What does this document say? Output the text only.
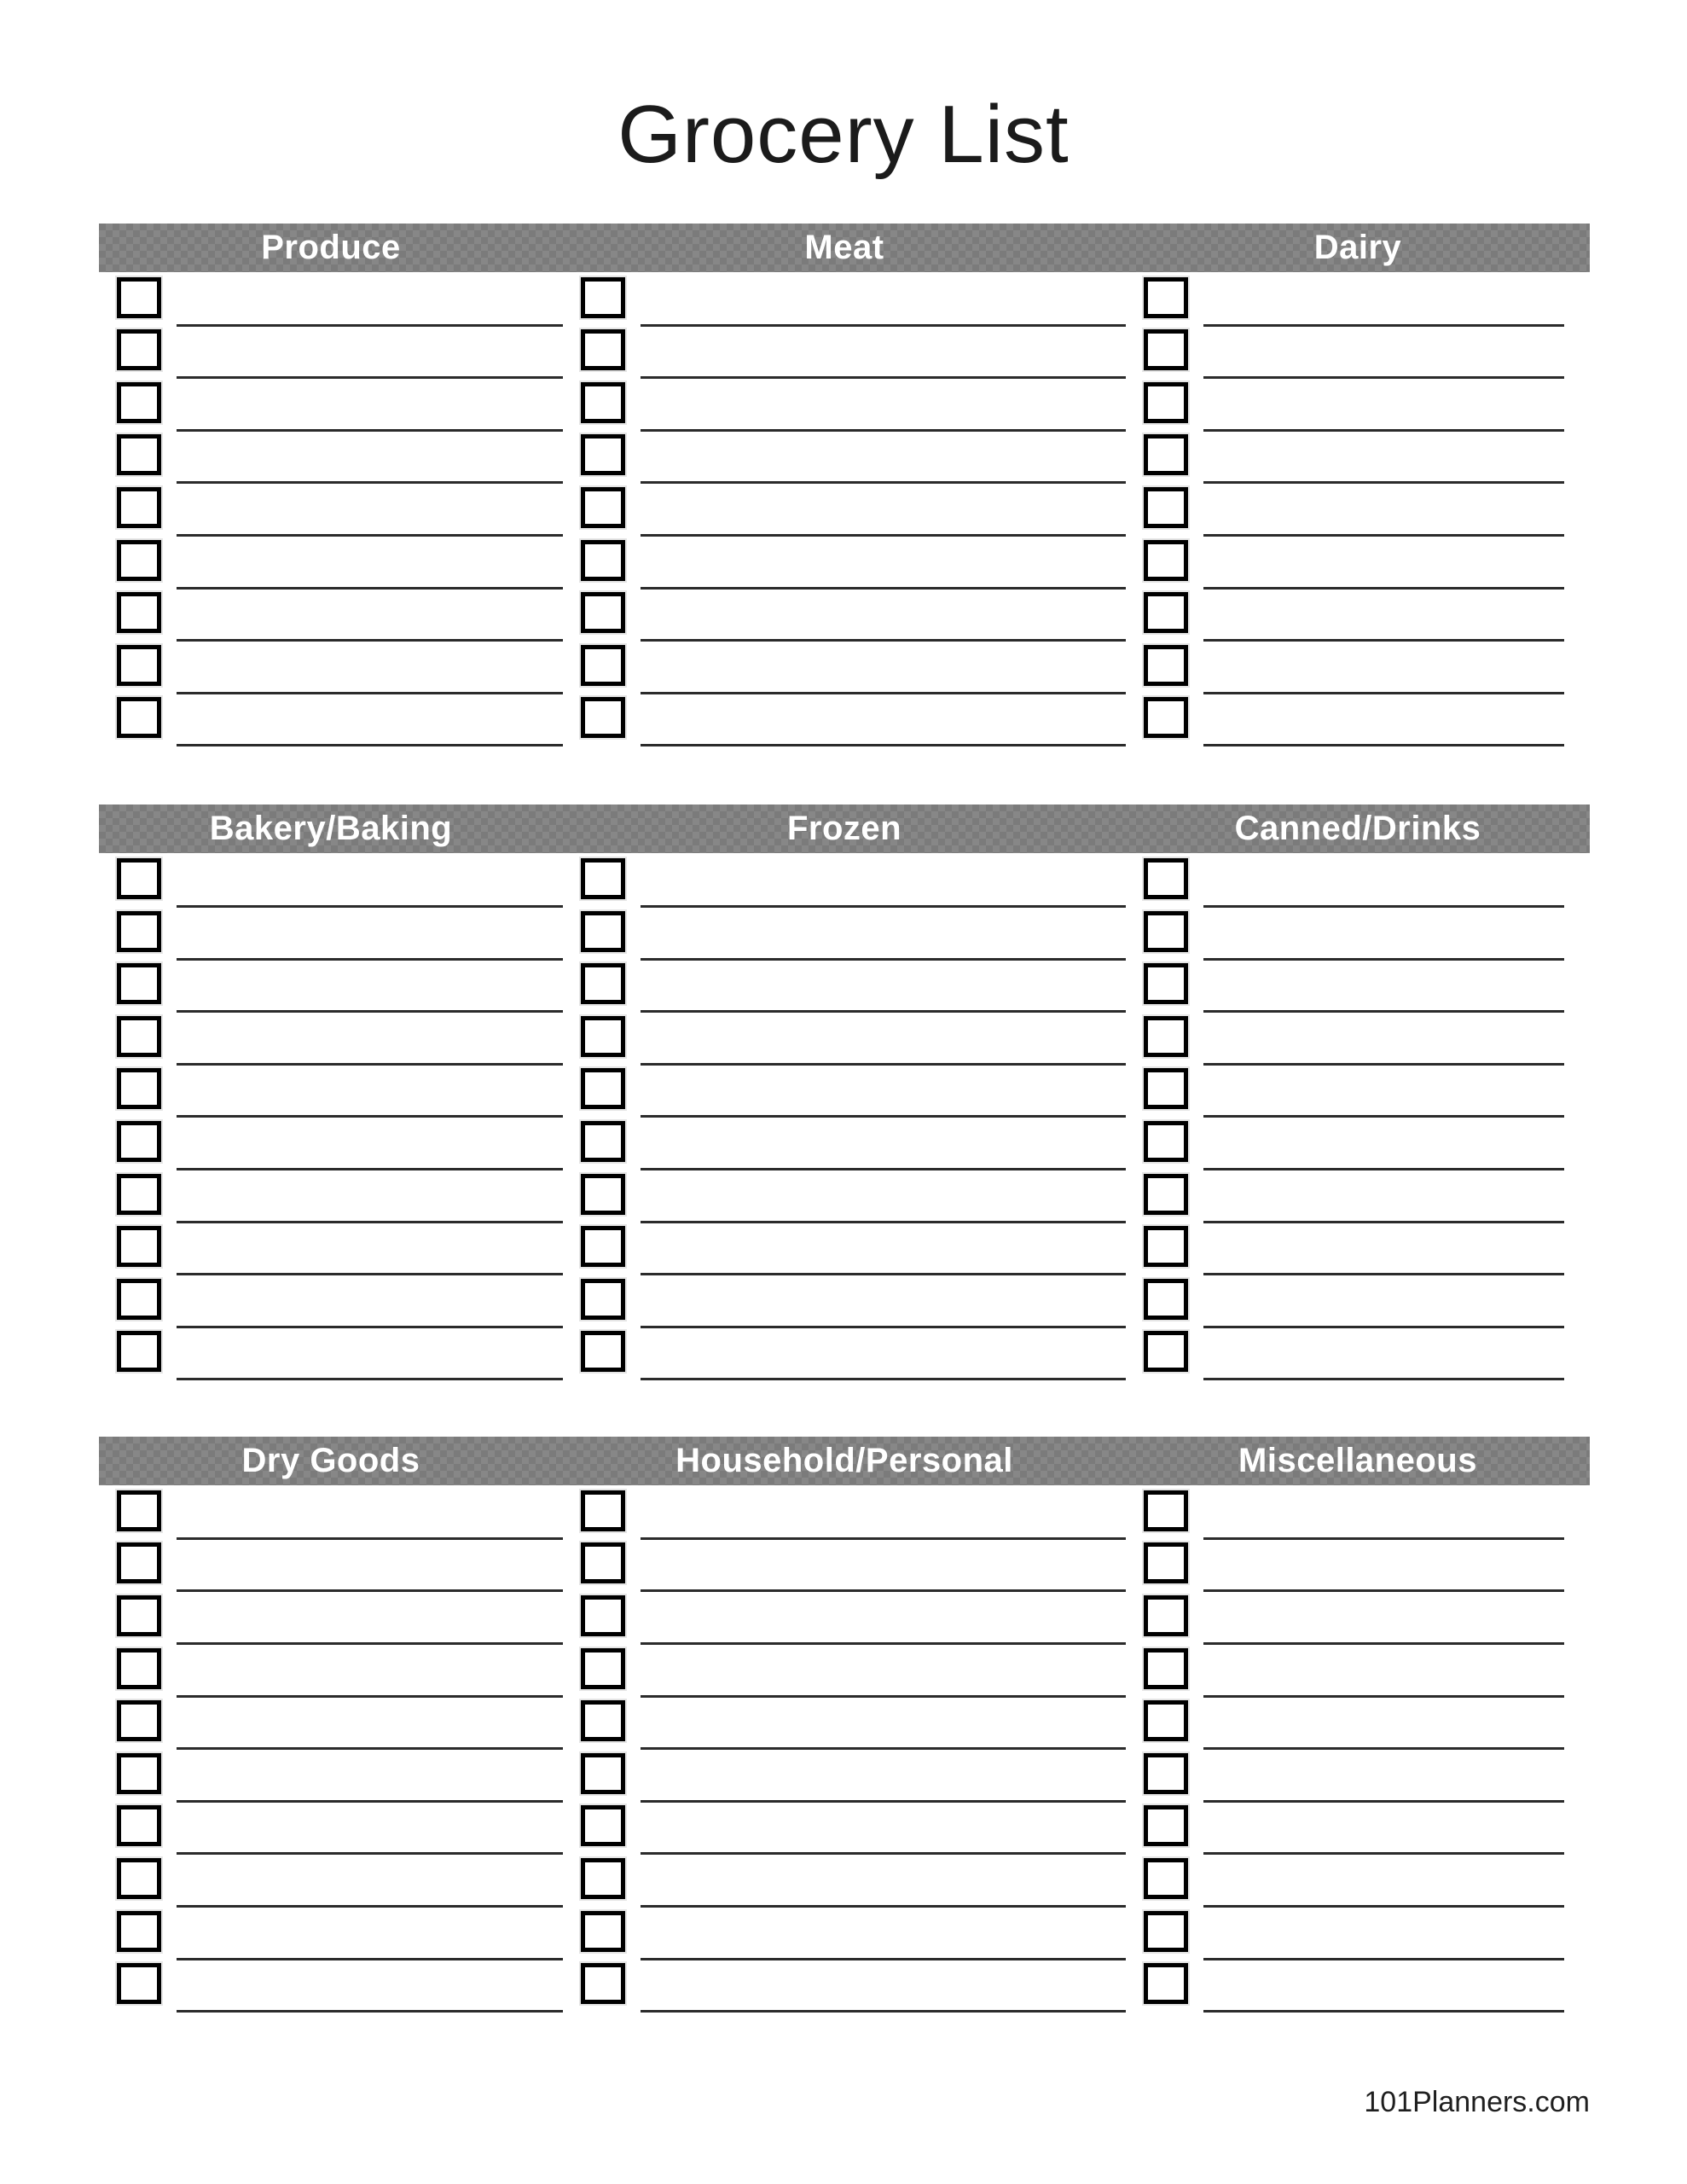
Grocery List
Produce	Meat	Dairy
Bakery/Baking	Frozen	Canned/Drinks
Dry Goods	Household/Personal	Miscellaneous
101Planners.com
